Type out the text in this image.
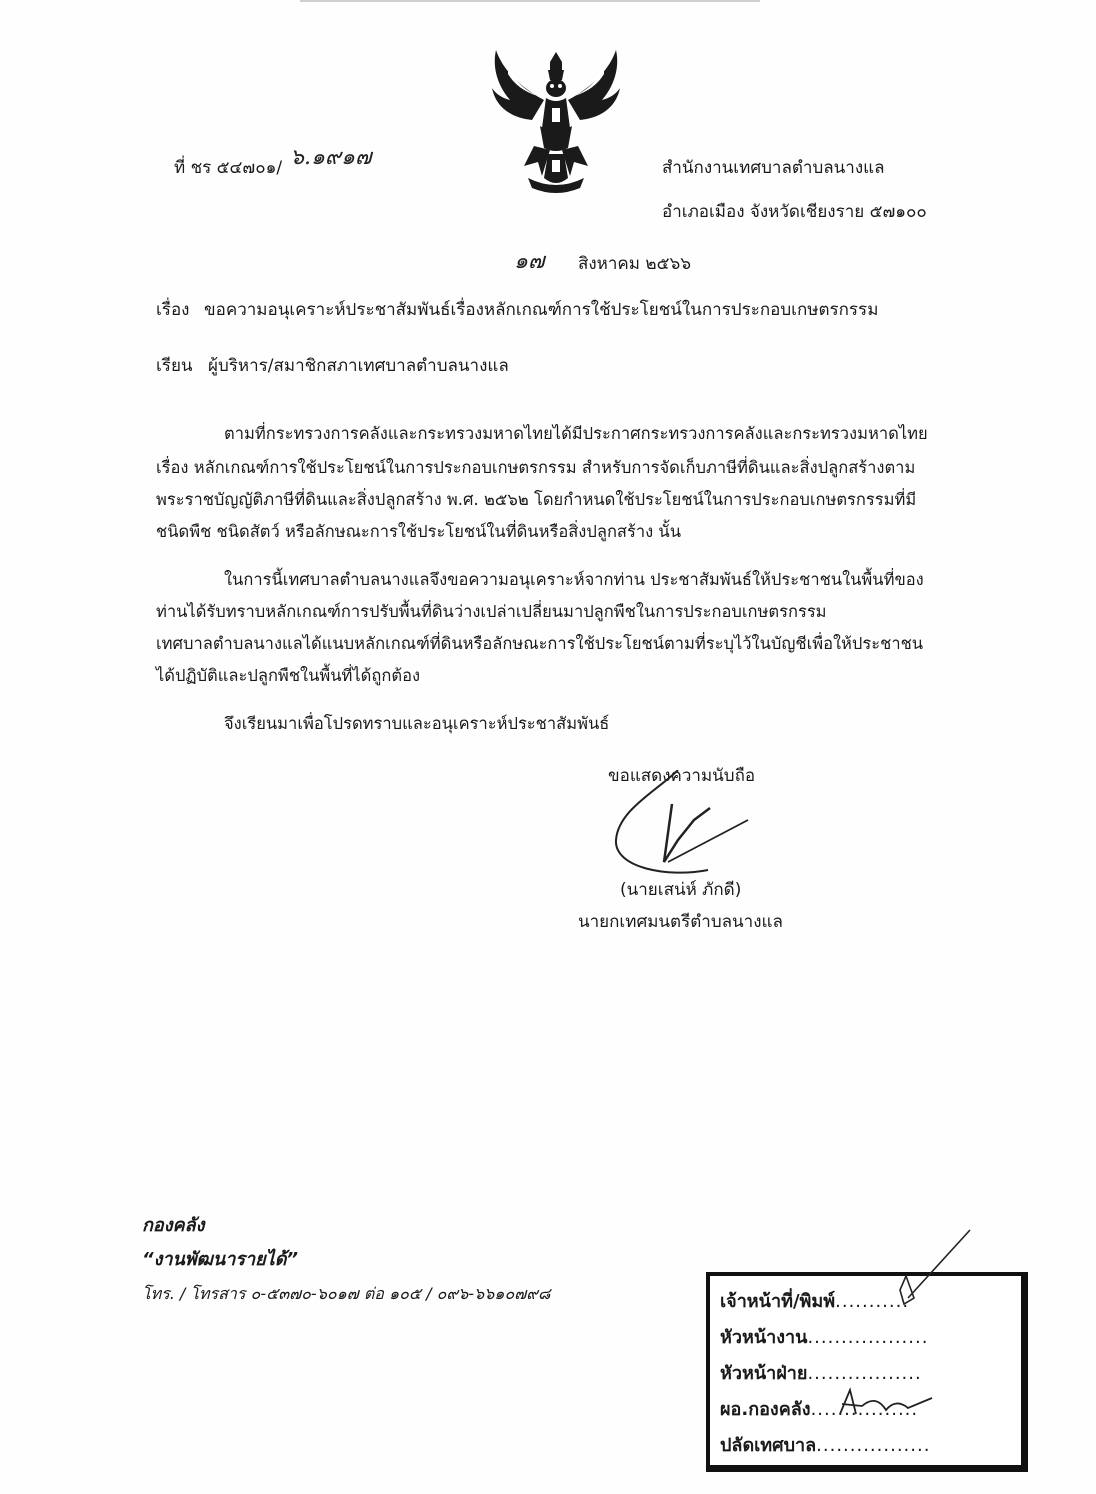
ที่ ชร ๕๔๗๐๑/ ๖.๑๙๑๗	สำนักงานเทศบาลตำบลนางแล
อำเภอเมือง จังหวัดเชียงราย ๕๗๑๐๐
๑๗ สิงหาคม ๒๕๖๖
เรื่อง ขอความอนุเคราะห์ประชาสัมพันธ์เรื่องหลักเกณฑ์การใช้ประโยชน์ในการประกอบเกษตรกรรม
เรียน ผู้บริหาร/สมาชิกสภาเทศบาลตำบลนางแล
ตามที่กระทรวงการคลังและกระทรวงมหาดไทยได้มีประกาศกระทรวงการคลังและกระทรวงมหาดไทย
เรื่อง หลักเกณฑ์การใช้ประโยชน์ในการประกอบเกษตรกรรม สำหรับการจัดเก็บภาษีที่ดินและสิ่งปลูกสร้างตาม
พระราชบัญญัติภาษีที่ดินและสิ่งปลูกสร้าง พ.ศ. ๒๕๖๒ โดยกำหนดใช้ประโยชน์ในการประกอบเกษตรกรรมที่มี
ชนิดพืช ชนิดสัตว์ หรือลักษณะการใช้ประโยชน์ในที่ดินหรือสิ่งปลูกสร้าง นั้น
ในการนี้เทศบาลตำบลนางแลจึงขอความอนุเคราะห์จากท่าน ประชาสัมพันธ์ให้ประชาชนในพื้นที่ของ
ท่านได้รับทราบหลักเกณฑ์การปรับพื้นที่ดินว่างเปล่าเปลี่ยนมาปลูกพืชในการประกอบเกษตรกรรม
เทศบาลตำบลนางแลได้แนบหลักเกณฑ์ที่ดินหรือลักษณะการใช้ประโยชน์ตามที่ระบุไว้ในบัญชีเพื่อให้ประชาชน
ได้ปฏิบัติและปลูกพืชในพื้นที่ได้ถูกต้อง
จึงเรียนมาเพื่อโปรดทราบและอนุเคราะห์ประชาสัมพันธ์
ขอแสดงความนับถือ
(นายเสน่ห์ ภักดี)
นายกเทศมนตรีตำบลนางแล
กองคลัง
“งานพัฒนารายได้”
โทร. / โทรสาร ๐-๕๓๗๐-๖๐๑๗ ต่อ ๑๐๕ / ๐๙๖-๖๖๑๐๗๙๘	เจ้าหน้าที่/พิมพ์...........
หัวหน้างาน..................
หัวหน้าฝ่าย.................
ผอ.กองคลัง................
ปลัดเทศบาล.................
